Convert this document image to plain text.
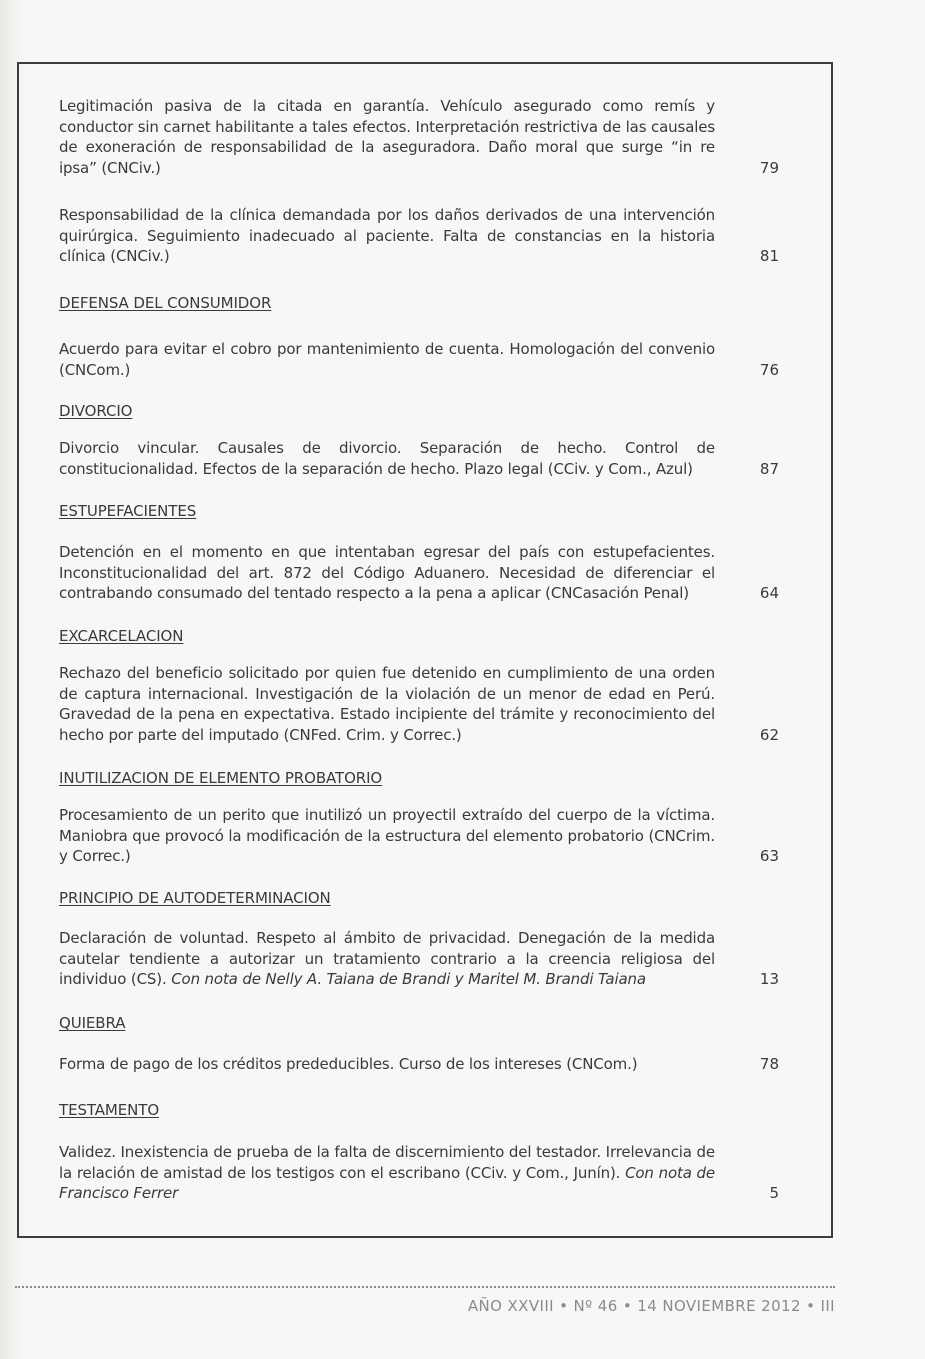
Legitimación pasiva de la citada en garantía. Vehículo asegurado como remís y conductor sin carnet habilitante a tales efectos. Interpretación restrictiva de las causales de exoneración de responsabilidad de la aseguradora. Daño moral que surge “in re ipsa” (CNCiv.)	79
Responsabilidad de la clínica demandada por los daños derivados de una intervención quirúrgica. Seguimiento inadecuado al paciente. Falta de constancias en la historia clínica (CNCiv.)	81
DEFENSA DEL CONSUMIDOR
Acuerdo para evitar el cobro por mantenimiento de cuenta. Homologación del convenio (CNCom.)	76
DIVORCIO
Divorcio vincular. Causales de divorcio. Separación de hecho. Control de constitucionalidad. Efectos de la separación de hecho. Plazo legal (CCiv. y Com., Azul)	87
ESTUPEFACIENTES
Detención en el momento en que intentaban egresar del país con estupefacientes. Inconstitucionalidad del art. 872 del Código Aduanero. Necesidad de diferenciar el contrabando consumado del tentado respecto a la pena a aplicar (CNCasación Penal)	64
EXCARCELACION
Rechazo del beneficio solicitado por quien fue detenido en cumplimiento de una orden de captura internacional. Investigación de la violación de un menor de edad en Perú. Gravedad de la pena en expectativa. Estado incipiente del trámite y reconocimiento del hecho por parte del imputado (CNFed. Crim. y Correc.)	62
INUTILIZACION DE ELEMENTO PROBATORIO
Procesamiento de un perito que inutilizó un proyectil extraído del cuerpo de la víctima. Maniobra que provocó la modificación de la estructura del elemento probatorio (CNCrim. y Correc.)	63
PRINCIPIO DE AUTODETERMINACION
Declaración de voluntad. Respeto al ámbito de privacidad. Denegación de la medida cautelar tendiente a autorizar un tratamiento contrario a la creencia religiosa del individuo (CS). Con nota de Nelly A. Taiana de Brandi y Maritel M. Brandi Taiana	13
QUIEBRA
Forma de pago de los créditos prededucibles. Curso de los intereses (CNCom.)	78
TESTAMENTO
Validez. Inexistencia de prueba de la falta de discernimiento del testador. Irrelevancia de la relación de amistad de los testigos con el escribano (CCiv. y Com., Junín). Con nota de Francisco Ferrer	5
AÑO XXVIII • Nº 46 • 14 NOVIEMBRE 2012 • III
